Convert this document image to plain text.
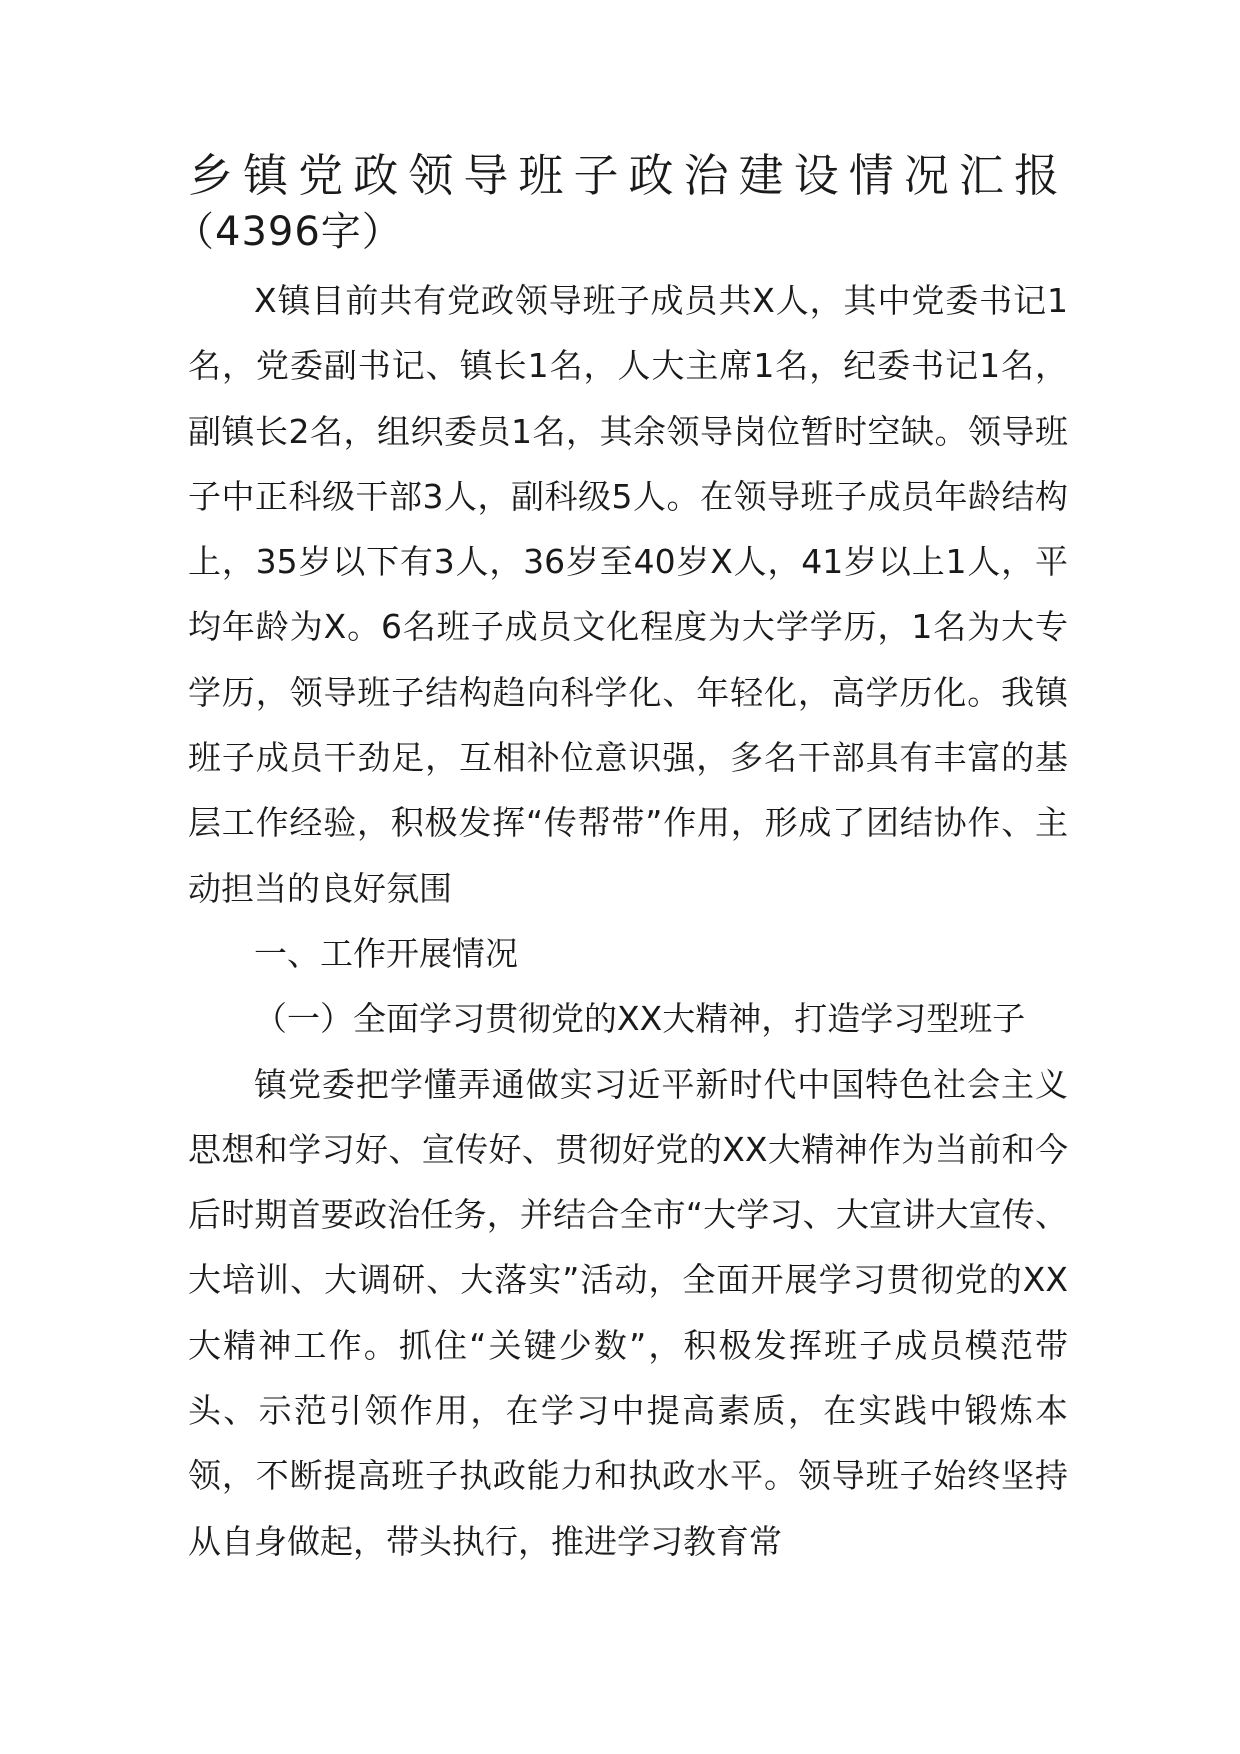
乡镇党政领导班子政治建设情况汇报
（4396字）

X镇目前共有党政领导班子成员共X人，其中党委书记1名，党委副书记、镇长1名，人大主席1名，纪委书记1名，副镇长2名，组织委员1名，其余领导岗位暂时空缺。领导班子中正科级干部3人，副科级5人。在领导班子成员年龄结构上，35岁以下有3人，36岁至40岁X人，41岁以上1人，平均年龄为X。6名班子成员文化程度为大学学历，1名为大专学历，领导班子结构趋向科学化、年轻化，高学历化。我镇班子成员干劲足，互相补位意识强，多名干部具有丰富的基层工作经验，积极发挥“传帮带”作用，形成了团结协作、主动担当的良好氛围

一、工作开展情况

（一）全面学习贯彻党的XX大精神，打造学习型班子

镇党委把学懂弄通做实习近平新时代中国特色社会主义思想和学习好、宣传好、贯彻好党的XX大精神作为当前和今后时期首要政治任务，并结合全市“大学习、大宣讲大宣传、大培训、大调研、大落实”活动，全面开展学习贯彻党的XX大精神工作。抓住“关键少数”，积极发挥班子成员模范带头、示范引领作用，在学习中提高素质，在实践中锻炼本领，不断提高班子执政能力和执政水平。领导班子始终坚持从自身做起，带头执行，推进学习教育常
